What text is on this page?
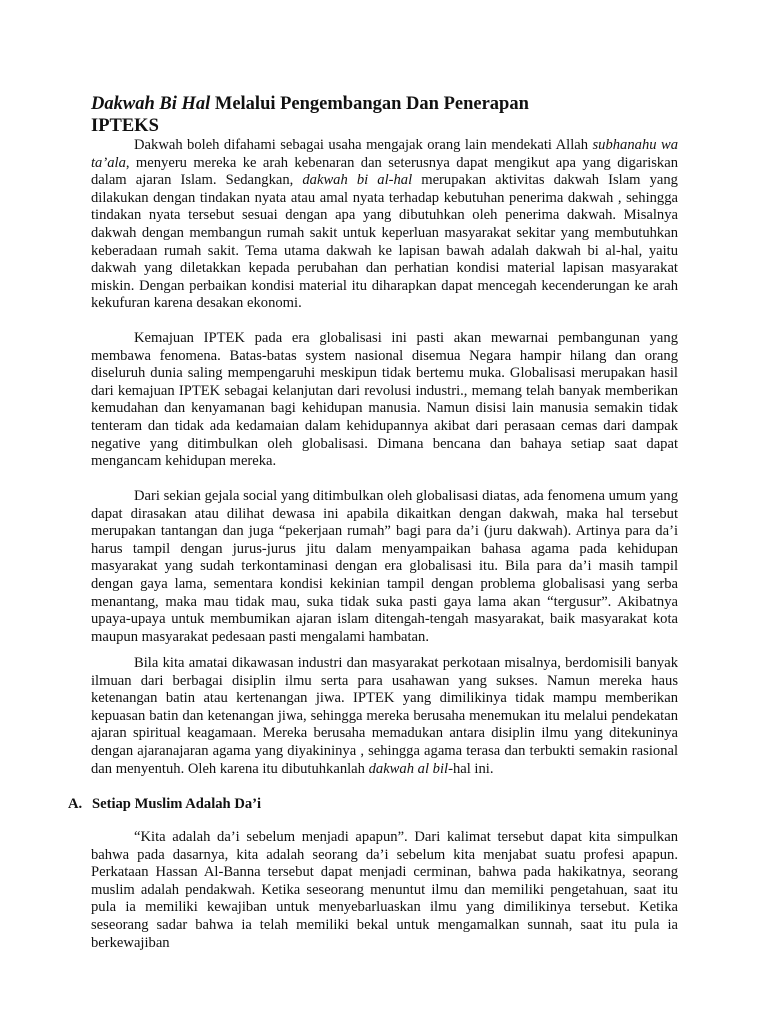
Dakwah Bi Hal Melalui Pengembangan Dan Penerapan
IPTEKS

Dakwah boleh difahami sebagai usaha mengajak orang lain mendekati Allah subhanahu wa ta’ala, menyeru mereka ke arah kebenaran dan seterusnya dapat mengikut apa yang digariskan dalam ajaran Islam. Sedangkan, dakwah bi al-hal merupakan aktivitas dakwah Islam yang dilakukan dengan tindakan nyata atau amal nyata terhadap kebutuhan penerima dakwah , sehingga tindakan nyata tersebut sesuai dengan apa yang dibutuhkan oleh penerima dakwah. Misalnya dakwah dengan membangun rumah sakit untuk keperluan masyarakat sekitar yang membutuhkan keberadaan rumah sakit. Tema utama dakwah ke lapisan bawah adalah dakwah bi al-hal, yaitu dakwah yang diletakkan kepada perubahan dan perhatian kondisi material lapisan masyarakat miskin. Dengan perbaikan kondisi material itu diharapkan dapat mencegah kecenderungan ke arah kekufuran karena desakan ekonomi.

Kemajuan IPTEK pada era globalisasi ini pasti akan mewarnai pembangunan yang membawa fenomena. Batas-batas system nasional disemua Negara hampir hilang dan orang diseluruh dunia saling mempengaruhi meskipun tidak bertemu muka. Globalisasi merupakan hasil dari kemajuan IPTEK sebagai kelanjutan dari revolusi industri., memang telah banyak memberikan kemudahan dan kenyamanan bagi kehidupan manusia. Namun disisi lain manusia semakin tidak tenteram dan tidak ada kedamaian dalam kehidupannya akibat dari perasaan cemas dari dampak negative yang ditimbulkan oleh globalisasi. Dimana bencana dan bahaya setiap saat dapat mengancam kehidupan mereka.

Dari sekian gejala social yang ditimbulkan oleh globalisasi diatas, ada fenomena umum yang dapat dirasakan atau dilihat dewasa ini apabila dikaitkan dengan dakwah, maka hal tersebut merupakan tantangan dan juga “pekerjaan rumah” bagi para da’i (juru dakwah). Artinya para da’i harus tampil dengan jurus-jurus jitu dalam menyampaikan bahasa agama pada kehidupan masyarakat yang sudah terkontaminasi dengan era globalisasi itu. Bila para da’i masih tampil dengan gaya lama, sementara kondisi kekinian tampil dengan problema globalisasi yang serba menantang, maka mau tidak mau, suka tidak suka pasti gaya lama akan “tergusur”. Akibatnya upaya-upaya untuk membumikan ajaran islam ditengah-tengah masyarakat, baik masyarakat kota maupun masyarakat pedesaan pasti mengalami hambatan.

Bila kita amatai dikawasan industri dan masyarakat perkotaan misalnya, berdomisili banyak ilmuan dari berbagai disiplin ilmu serta para usahawan yang sukses. Namun mereka haus ketenangan batin atau kertenangan jiwa. IPTEK yang dimilikinya tidak mampu memberikan kepuasan batin dan ketenangan jiwa, sehingga mereka berusaha menemukan itu melalui pendekatan ajaran spiritual keagamaan. Mereka berusaha memadukan antara disiplin ilmu yang ditekuninya dengan ajaranajaran agama yang diyakininya , sehingga agama terasa dan terbukti semakin rasional dan menyentuh. Oleh karena itu dibutuhkanlah dakwah al bil-hal ini.

A. Setiap Muslim Adalah Da’i

“Kita adalah da’i sebelum menjadi apapun”. Dari kalimat tersebut dapat kita simpulkan bahwa pada dasarnya, kita adalah seorang da’i sebelum kita menjabat suatu profesi apapun. Perkataan Hassan Al-Banna tersebut dapat menjadi cerminan, bahwa pada hakikatnya, seorang muslim adalah pendakwah. Ketika seseorang menuntut ilmu dan memiliki pengetahuan, saat itu pula ia memiliki kewajiban untuk menyebarluaskan ilmu yang dimilikinya tersebut. Ketika seseorang sadar bahwa ia telah memiliki bekal untuk mengamalkan sunnah, saat itu pula ia berkewajiban
